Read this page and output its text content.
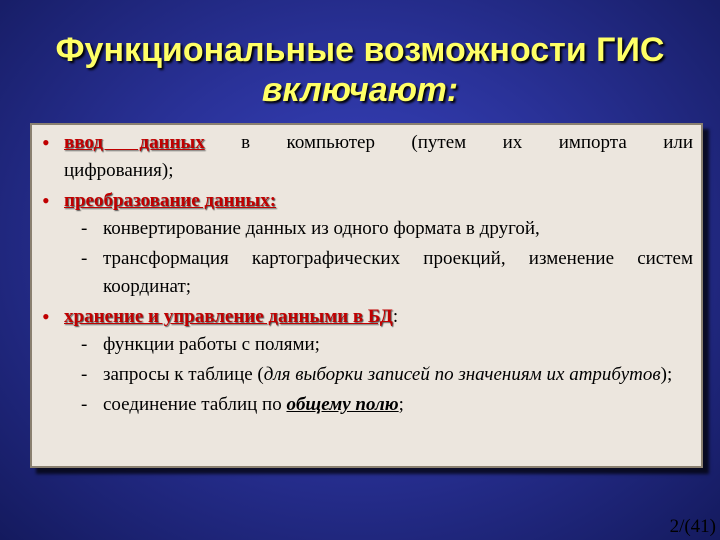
Функциональные возможности ГИС
включают:
• ввод данных в компьютер (путем их импорта или
цифрования);
• преобразование данных:
- конвертирование данных из одного формата в другой,
- трансформация картографических проекций, изменение систем координат;
• хранение и управление данными в БД:
- функции работы с полями;
- запросы к таблице (для выборки записей по значениям их атрибутов);
- соединение таблиц по общему полю;
2/(41)
